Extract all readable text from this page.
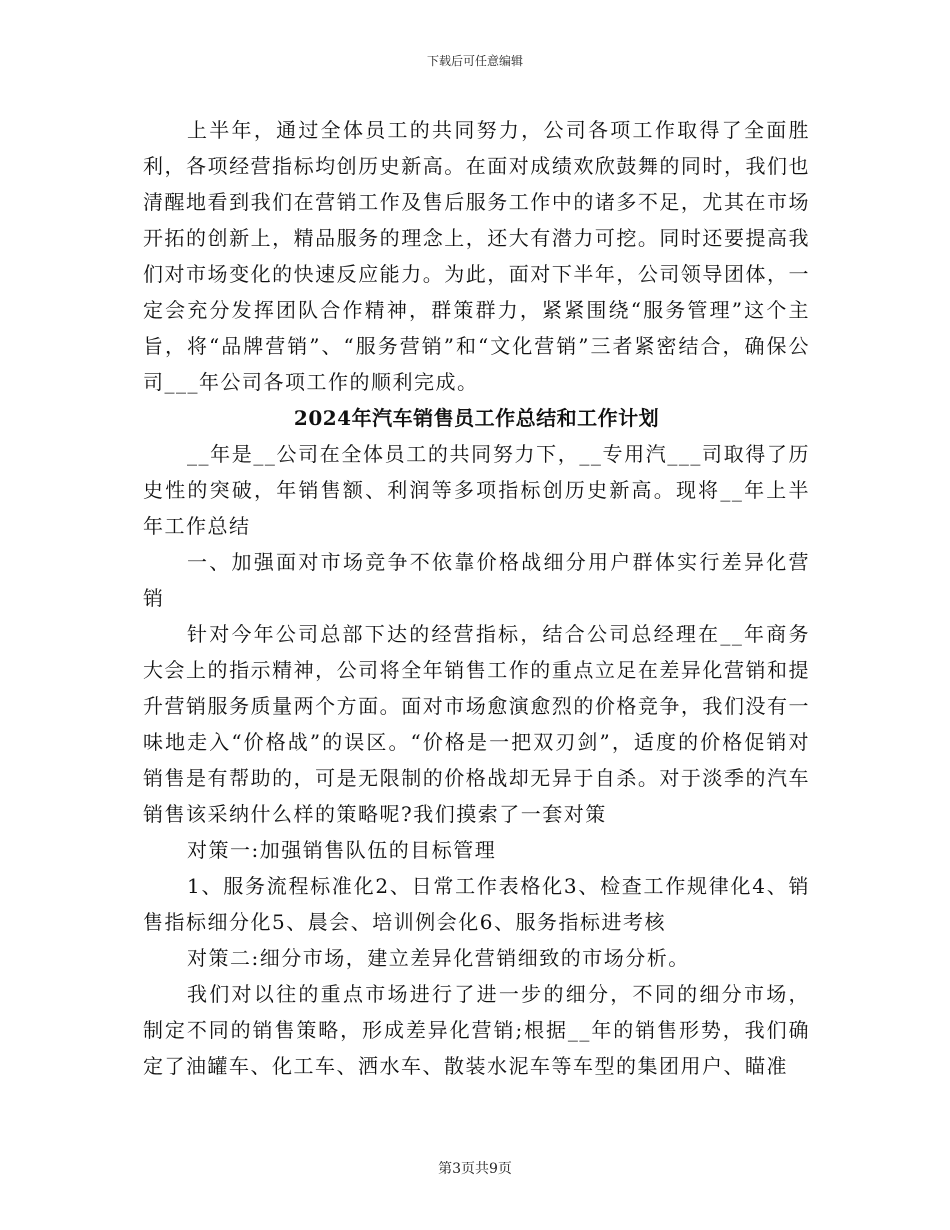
下载后可任意编辑

上半年，通过全体员工的共同努力，公司各项工作取得了全面胜利，各项经营指标均创历史新高。在面对成绩欢欣鼓舞的同时，我们也清醒地看到我们在营销工作及售后服务工作中的诸多不足，尤其在市场开拓的创新上，精品服务的理念上，还大有潜力可挖。同时还要提高我们对市场变化的快速反应能力。为此，面对下半年，公司领导团体，一定会充分发挥团队合作精神，群策群力，紧紧围绕“服务管理”这个主旨，将“品牌营销”、“服务营销”和“文化营销”三者紧密结合，确保公司___年公司各项工作的顺利完成。

2024年汽车销售员工作总结和工作计划

__年是__公司在全体员工的共同努力下，__专用汽___司取得了历史性的突破，年销售额、利润等多项指标创历史新高。现将__年上半年工作总结

一、加强面对市场竞争不依靠价格战细分用户群体实行差异化营销

针对今年公司总部下达的经营指标，结合公司总经理在__年商务大会上的指示精神，公司将全年销售工作的重点立足在差异化营销和提升营销服务质量两个方面。面对市场愈演愈烈的价格竞争，我们没有一味地走入“价格战”的误区。“价格是一把双刃剑”，适度的价格促销对销售是有帮助的，可是无限制的价格战却无异于自杀。对于淡季的汽车销售该采纳什么样的策略呢?我们摸索了一套对策

对策一:加强销售队伍的目标管理

1、服务流程标准化2、日常工作表格化3、检查工作规律化4、销售指标细分化5、晨会、培训例会化6、服务指标进考核

对策二:细分市场，建立差异化营销细致的市场分析。

我们对以往的重点市场进行了进一步的细分，不同的细分市场，制定不同的销售策略，形成差异化营销;根据__年的销售形势，我们确定了油罐车、化工车、洒水车、散装水泥车等车型的集团用户、瞄准

第3页共9页
